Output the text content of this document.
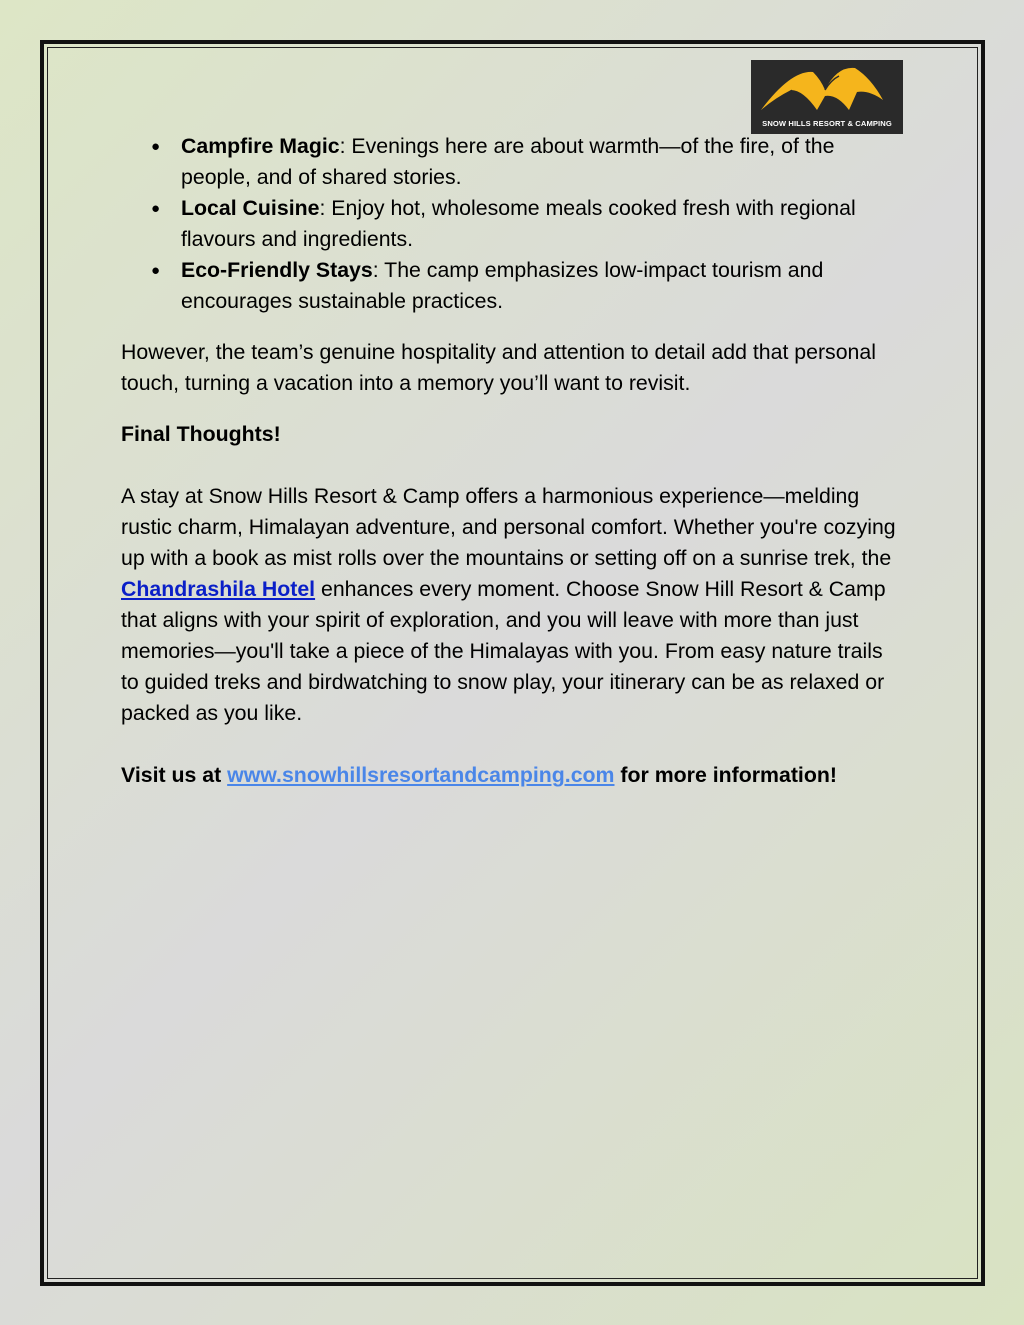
SNOW HILLS RESORT & CAMPING
● Campfire Magic: Evenings here are about warmth—of the fire, of the people, and of shared stories.
● Local Cuisine: Enjoy hot, wholesome meals cooked fresh with regional flavours and ingredients.
● Eco-Friendly Stays: The camp emphasizes low-impact tourism and encourages sustainable practices.

However, the team’s genuine hospitality and attention to detail add that personal touch, turning a vacation into a memory you’ll want to revisit.

Final Thoughts!

A stay at Snow Hills Resort & Camp offers a harmonious experience—melding rustic charm, Himalayan adventure, and personal comfort. Whether you're cozying up with a book as mist rolls over the mountains or setting off on a sunrise trek, the Chandrashila Hotel enhances every moment. Choose Snow Hill Resort & Camp that aligns with your spirit of exploration, and you will leave with more than just memories—you'll take a piece of the Himalayas with you. From easy nature trails to guided treks and birdwatching to snow play, your itinerary can be as relaxed or packed as you like.

Visit us at www.snowhillsresortandcamping.com for more information!
